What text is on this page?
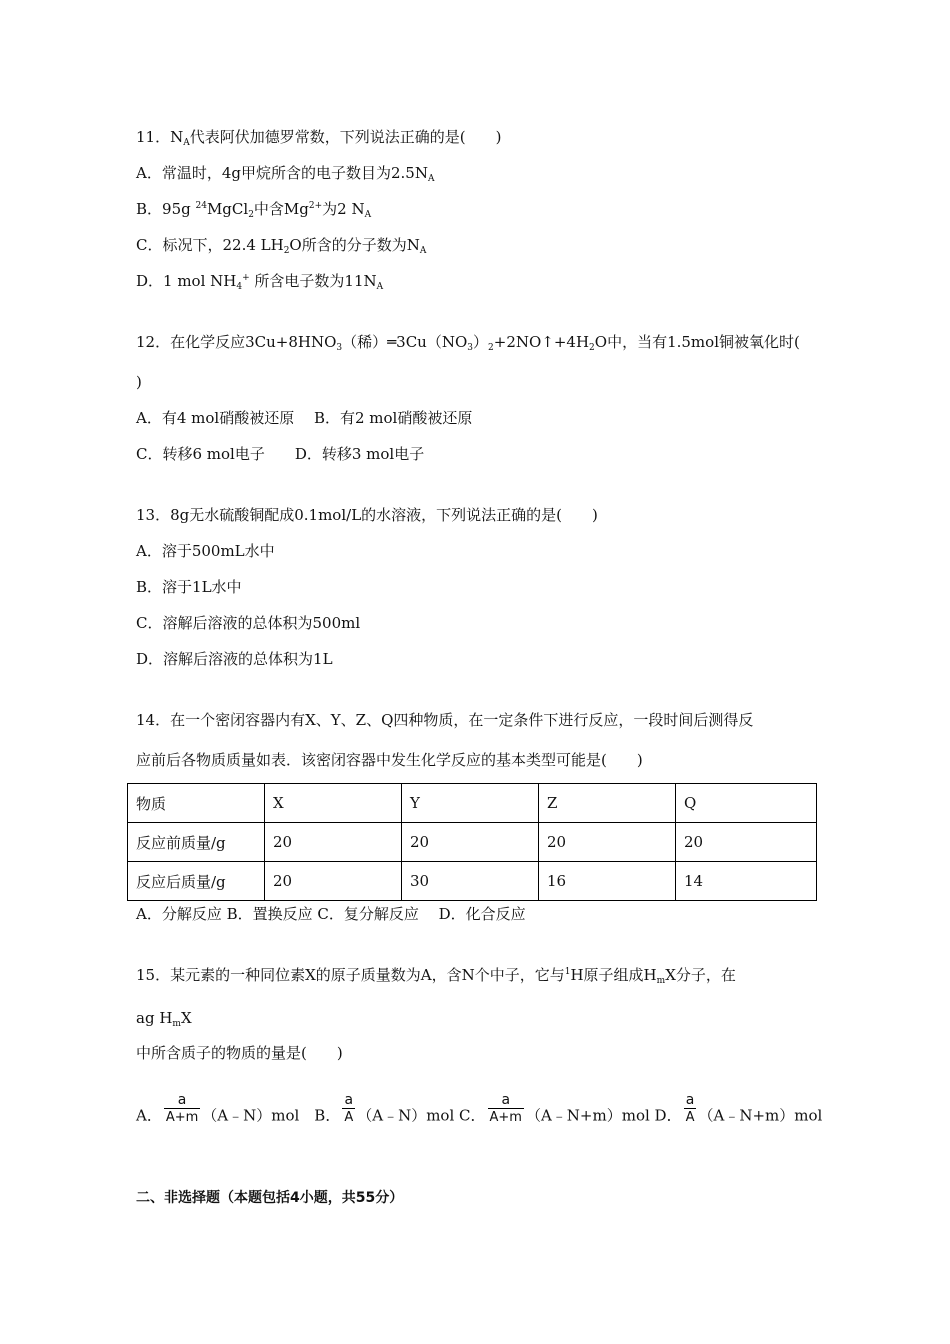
11．$N_A$代表阿伏加德罗常数，下列说法正确的是(　　)
A．常温时，4g甲烷所含的电子数目为$2.5N_A$
B．95g $^{24}$MgCl$_2$中含$Mg^{2+}$为2 $N_A$
C．标况下，22.4 $LH_2O$所含的分子数为$N_A$
D．1 mol $NH_4^+$ 所含电子数为$11N_A$
12．在化学反应$3Cu+8HNO_3$（稀）$═3Cu(NO_3)_2+2NO↑+4H_2O$中，当有1.5mol铜被氧化时(
)
A．有4 mol硝酸被还原　 B．有2 mol硝酸被还原
C．转移6 mol电子　　D．转移3 mol电子
13．8g无水硫酸铜配成0.1mol/L的水溶液，下列说法正确的是(　　)
A．溶于500mL水中
B．溶于1L水中
C．溶解后溶液的总体积为500ml
D．溶解后溶液的总体积为1L
14．在一个密闭容器内有X、Y、Z、Q四种物质，在一定条件下进行反应，一段时间后测得反
应前后各物质质量如表．该密闭容器中发生化学反应的基本类型可能是(　　)
物质	X	Y	Z	Q
反应前质量/g	20	20	20	20
反应后质量/g	20	30	16	14
A．分解反应 B．置换反应 C．复分解反应　 D．化合反应
15．某元素的一种同位素X的原子质量数为A，含N个中子，它与$^1$H原子组成$H_mX$分子，在
ag $H_mX$
中所含质子的物质的量是(　　)
A． $\frac{a}{A+m}$ （A﹣N）mol　B． $\frac{a}{A}$ （A﹣N）mol C． $\frac{a}{A+m}$ （A﹣N+m）mol D． $\frac{a}{A}$ （A﹣N+m）mol
二、非选择题（本题包括4小题，共55分）
